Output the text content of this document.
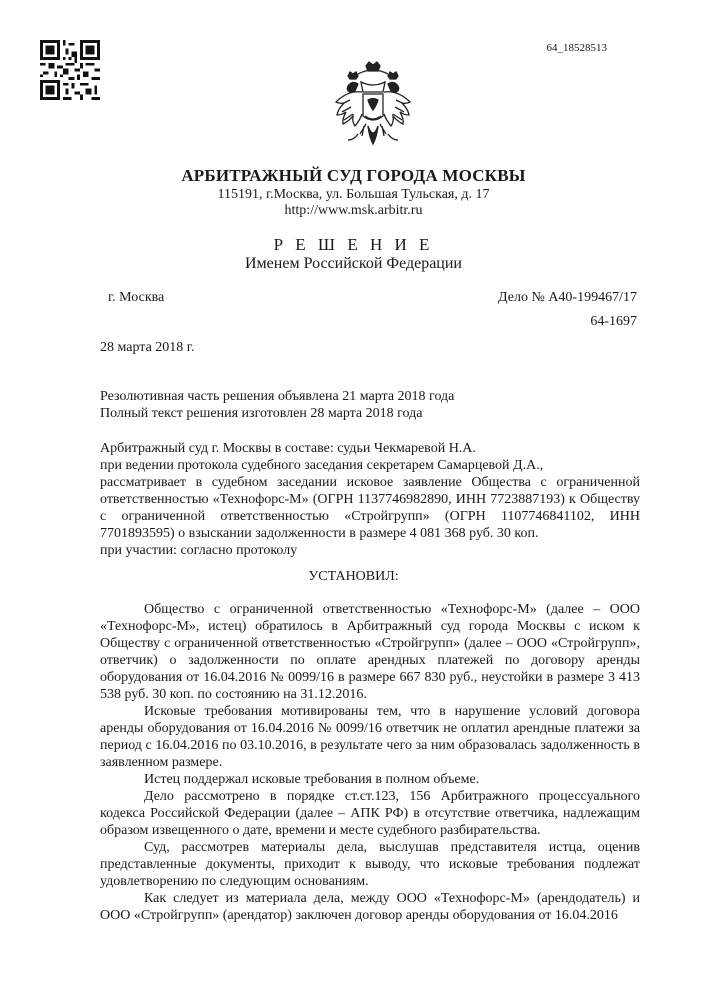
64_18528513
АРБИТРАЖНЫЙ СУД ГОРОДА МОСКВЫ
115191, г.Москва, ул. Большая Тульская, д. 17
http://www.msk.arbitr.ru
Р Е Ш Е Н И Е
Именем Российской Федерации
г. Москва	Дело № А40-199467/17
64-1697
28 марта 2018 г.
Резолютивная часть решения объявлена 21 марта 2018 года
Полный текст решения изготовлен 28 марта 2018 года

Арбитражный суд г. Москвы в составе: судьи Чекмаревой Н.А.

при ведении протокола судебного заседания секретарем Самарцевой Д.А.,

рассматривает в судебном заседании исковое заявление Общества с ограниченной ответственностью «Технофорс-М» (ОГРН 1137746982890, ИНН 7723887193) к Обществу с ограниченной ответственностью «Стройгрупп» (ОГРН 1107746841102, ИНН 7701893595) о взыскании задолженности в размере 4 081 368 руб. 30 коп.

при участии: согласно протоколу

УСТАНОВИЛ:

Общество с ограниченной ответственностью «Технофорс-М» (далее – ООО «Технофорс-М», истец) обратилось в Арбитражный суд города Москвы с иском к Обществу с ограниченной ответственностью «Стройгрупп» (далее – ООО «Стройгрупп», ответчик) о задолженности по оплате арендных платежей по договору аренды оборудования от 16.04.2016 № 0099/16 в размере 667 830 руб., неустойки в размере 3 413 538 руб. 30 коп. по состоянию на 31.12.2016.

Исковые требования мотивированы тем, что в нарушение условий договора аренды оборудования от 16.04.2016 № 0099/16 ответчик не оплатил арендные платежи за период с 16.04.2016 по 03.10.2016, в результате чего за ним образовалась задолженность в заявленном размере.

Истец поддержал исковые требования в полном объеме.

Дело рассмотрено в порядке ст.ст.123, 156 Арбитражного процессуального кодекса Российской Федерации (далее – АПК РФ) в отсутствие ответчика, надлежащим образом извещенного о дате, времени и месте судебного разбирательства.

Суд, рассмотрев материалы дела, выслушав представителя истца, оценив представленные документы, приходит к выводу, что исковые требования подлежат удовлетворению по следующим основаниям.

Как следует из материала дела, между ООО «Технофорс-М» (арендодатель) и ООО «Стройгрупп» (арендатор) заключен договор аренды оборудования от 16.04.2016
